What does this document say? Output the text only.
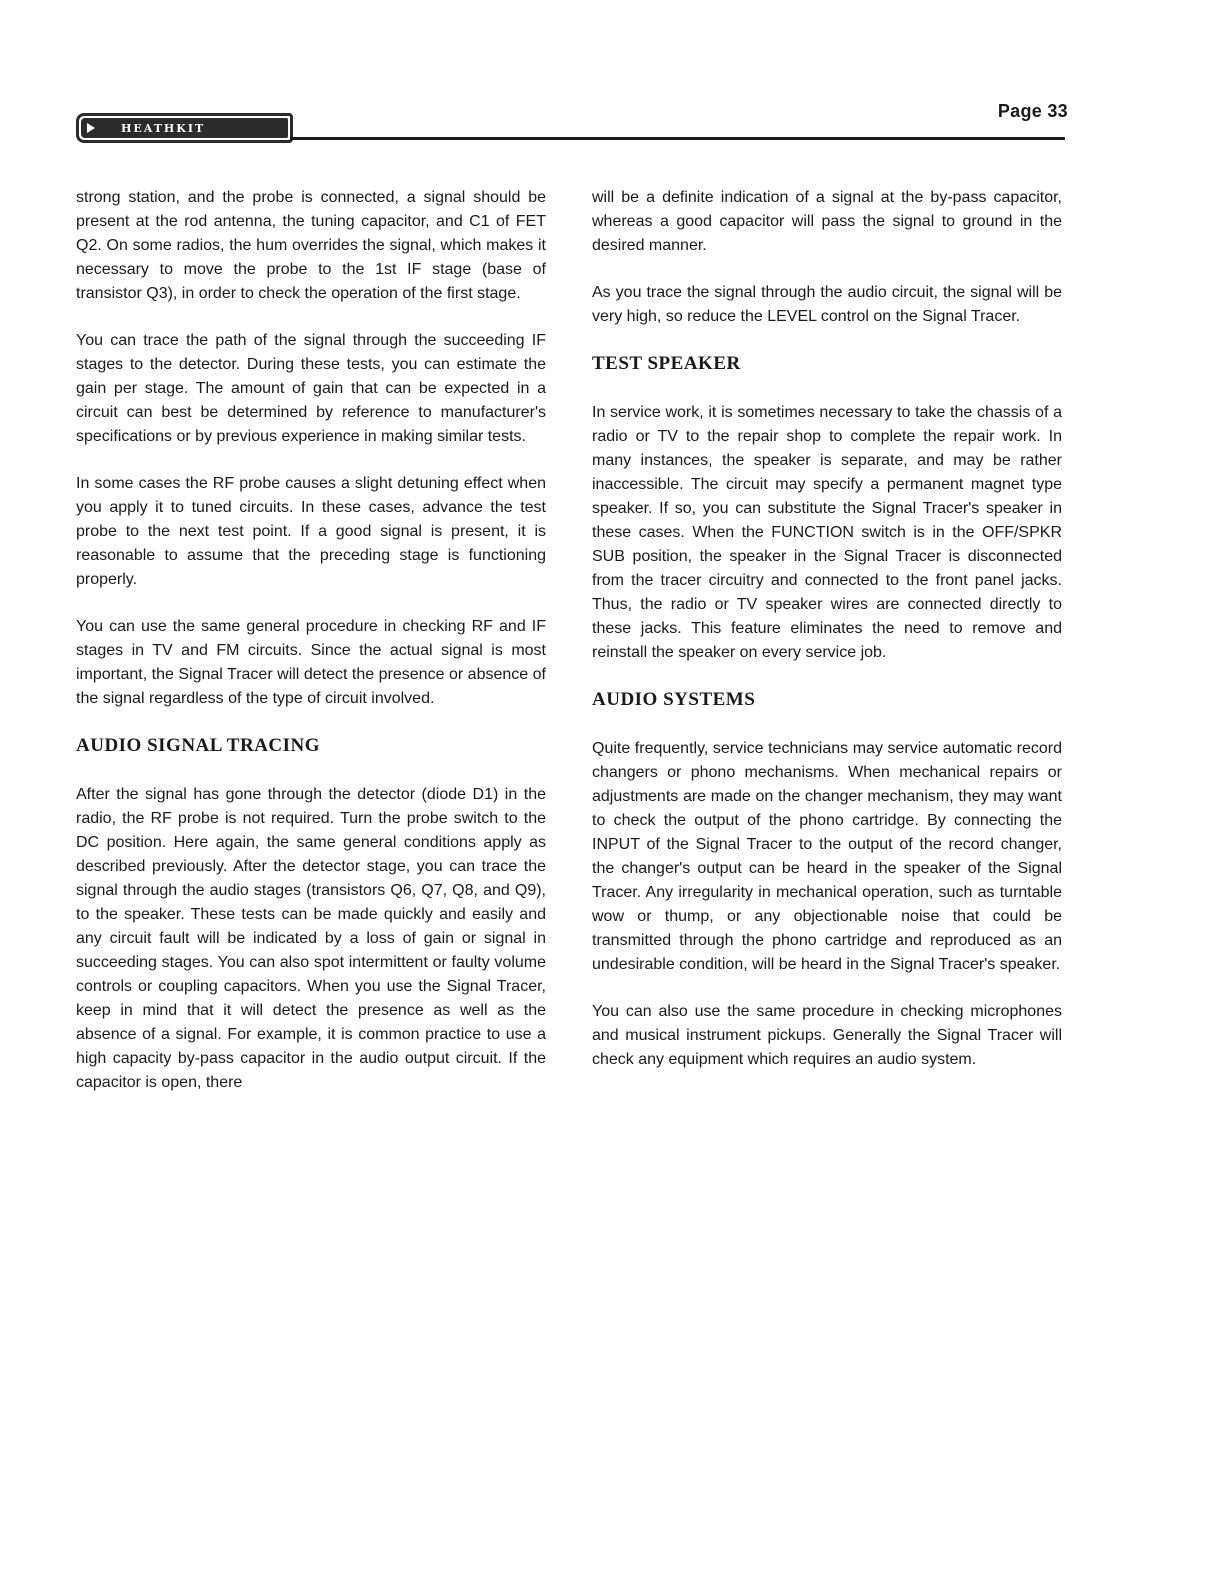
Page 33
HEATHKIT

strong station, and the probe is connected, a signal should be present at the rod antenna, the tuning capacitor, and C1 of FET Q2. On some radios, the hum overrides the signal, which makes it necessary to move the probe to the 1st IF stage (base of transistor Q3), in order to check the operation of the first stage.

You can trace the path of the signal through the succeeding IF stages to the detector. During these tests, you can estimate the gain per stage. The amount of gain that can be expected in a circuit can best be determined by reference to manufacturer's specifications or by previous experience in making similar tests.

In some cases the RF probe causes a slight detuning effect when you apply it to tuned circuits. In these cases, advance the test probe to the next test point. If a good signal is present, it is reasonable to assume that the preceding stage is functioning properly.

You can use the same general procedure in checking RF and IF stages in TV and FM circuits. Since the actual signal is most important, the Signal Tracer will detect the presence or absence of the signal regardless of the type of circuit involved.

AUDIO SIGNAL TRACING

After the signal has gone through the detector (diode D1) in the radio, the RF probe is not required. Turn the probe switch to the DC position. Here again, the same general conditions apply as described previously. After the detector stage, you can trace the signal through the audio stages (transistors Q6, Q7, Q8, and Q9), to the speaker. These tests can be made quickly and easily and any circuit fault will be indicated by a loss of gain or signal in succeeding stages. You can also spot intermittent or faulty volume controls or coupling capacitors. When you use the Signal Tracer, keep in mind that it will detect the presence as well as the absence of a signal. For example, it is common practice to use a high capacity by-pass capacitor in the audio output circuit. If the capacitor is open, there

will be a definite indication of a signal at the by-pass capacitor, whereas a good capacitor will pass the signal to ground in the desired manner.

As you trace the signal through the audio circuit, the signal will be very high, so reduce the LEVEL control on the Signal Tracer.

TEST SPEAKER

In service work, it is sometimes necessary to take the chassis of a radio or TV to the repair shop to complete the repair work. In many instances, the speaker is separate, and may be rather inaccessible. The circuit may specify a permanent magnet type speaker. If so, you can substitute the Signal Tracer's speaker in these cases. When the FUNCTION switch is in the OFF/SPKR SUB position, the speaker in the Signal Tracer is disconnected from the tracer circuitry and connected to the front panel jacks. Thus, the radio or TV speaker wires are connected directly to these jacks. This feature eliminates the need to remove and reinstall the speaker on every service job.

AUDIO SYSTEMS

Quite frequently, service technicians may service automatic record changers or phono mechanisms. When mechanical repairs or adjustments are made on the changer mechanism, they may want to check the output of the phono cartridge. By connecting the INPUT of the Signal Tracer to the output of the record changer, the changer's output can be heard in the speaker of the Signal Tracer. Any irregularity in mechanical operation, such as turntable wow or thump, or any objectionable noise that could be transmitted through the phono cartridge and reproduced as an undesirable condition, will be heard in the Signal Tracer's speaker.

You can also use the same procedure in checking microphones and musical instrument pickups. Generally the Signal Tracer will check any equipment which requires an audio system.
